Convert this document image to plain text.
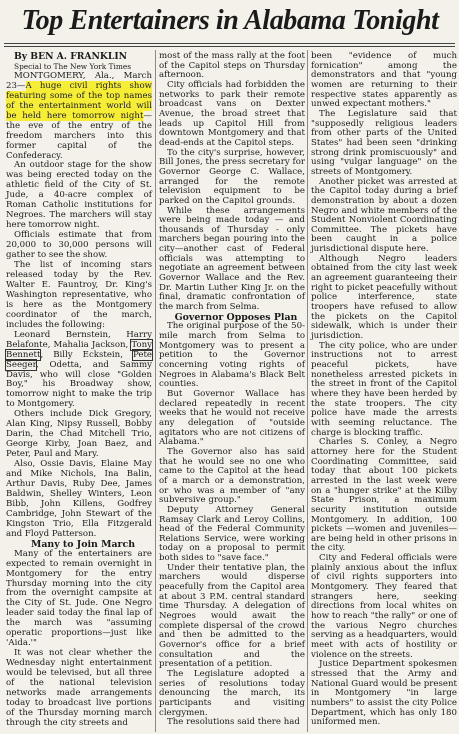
Top Entertainers in Alabama Tonight

By BEN A. FRANKLIN

Special to The New York Times

MONTGOMERY, Ala., March 23—A huge civil rights show featuring some of the top names of the entertainment world will be held here tomorrow night—the eve of the entry of the freedom marchers into this former capital of the Confederacy.

An outdoor stage for the show was being erected today on the athletic field of the City of St. Jude, a 40-acre complex of Roman Catholic institutions for Negroes. The marchers will stay here tomorrow night.

Officials estimate that from 20,000 to 30,000 persons will gather to see the show.

The list of incoming stars released today by the Rev. Walter E. Fauntroy, Dr. King's Washington representative, who is here as the Montgomery coordinator of the march, includes the following:

Leonard Bernstein, Harry Belafonte, Mahalia Jackson, Tony Bennett, Billy Eckstein, Pete Seeger, Odetta, and Sammy Davis, who will close "Golden Boy," his Broadway show, tomorrow night to make the trip to Montgomery.

Others include Dick Gregory, Alan King, Nipsy Russell, Bobby Darin, the Chad Mitchell Trio, George Kirby, Joan Baez, and Peter, Paul and Mary.

Also, Ossie Davis, Elaine May and Mike Nichols, Ina Balin, Arthur Davis, Ruby Dee, James Baldwin, Shelley Winters, Leon Bibb, John Killens, Godfrey Cambridge, John Stewart of the Kingston Trio, Ella Fitzgerald and Floyd Patterson.

Many to Join March

Many of the entertainers are expected to remain overnight in Montgomery for the entry Thursday morning into the city from the overnight campsite at the City of St. Jude. One Negro leader said today the final lap of the march was "assuming operatic proportions—just like 'Aida.'"

It was not clear whether the Wednesday night entertainment would be televised, but all three of the national television networks made arrangements today to broadcast live portions of the Thursday morning march through the city streets and

most of the mass rally at the foot of the Capitol steps on Thursday afternoon.

City officials had forbidden the networks to park their remote broadcast vans on Dexter Avenue, the broad street that leads up Capitol Hill from downtown Montgomery and that dead-ends at the Capitol steps.

To the city's surprise, however, Bill Jones, the press secretary for Governor George C. Wallace, arranged for the remote television equipment to be parked on the Capitol grounds.

While these arrangements were being made today — and thousands of Thursday - only marchers began pouring into the city—another cast of Federal officials was attempting to negotiate an agreement between Governor Wallace and the Rev. Dr. Martin Luther King Jr. on the final, dramatic confrontation of the march from Selma.

Governor Opposes Plan

The original purpose of the 50-mile march from Selma to Montgomery was to present a petition to the Governor concerning voting rights of Negroes in Alabama's Black Belt counties.

But Governor Wallace has declared repeatedly in recent weeks that he would not receive any delegation of "outside agitators who are not citizens of Alabama."

The Governor also has said that he would see no one who came to the Capitol at the head of a march or a demonstration, or who was a member of "any subversive group."

Deputy Attorney General Ramsay Clark and Leroy Collins, head of the Federal Community Relations Service, were working today on a proposal to permit both sides to "save face."

Under their tentative plan, the marchers would disperse peacefully from the Capitol area at about 3 P.M. central standard time Thursday. A delegation of Negroes would await the complete dispersal of the crowd and then be admitted to the Governor's office for a brief consultation and the presentation of a petition.

The Legislature adopted a series of resolutions today denouncing the march, its participants and visiting clergymen.

The resolutions said there had

been "evidence of much fornication" among the demonstrators and that "young women are returning to their respective states apparently as unwed expectant mothers."

The Legislature said that "supposedly religious leaders from other parts of the United States" had been seen "drinking strong drink promiscuously" and using "vulgar language" on the streets of Montgomery.

Another picket was arrested at the Capitol today during a brief demonstration by about a dozen Negro and white members of the Student Nonviolent Coordinating Committee. The pickets have been caught in a police jurisdictional dispute here.

Although Negro leaders obtained from the city last week an agreement guaranteeing their right to picket peacefully without police interference, state troopers have refused to allow the pickets on the Capitol sidewalk, which is under their jurisdiction.

The city police, who are under instructions not to arrest peaceful pickets, have nonetheless arrested pickets in the street in front of the Capitol where they have been herded by the state troopers. The city police have made the arrests with seeming reluctance. The charge is blocking traffic.

Charles S. Conley, a Negro attorney here for the Student Coordinating Committee, said today that about 100 pickets arrested in the last week were on a "hunger strike" at the Kilby State Prison, a maximum security institution outside Montgomery. In addition, 100 pickets —women and juveniles—are being held in other prisons in the city.

City and Federal officials were plainly anxious about the influx of civil rights supporters into Montgomery. They feared that strangers here, seeking directions from local whites on how to reach "the rally" or one of the various Negro churches serving as a headquarters, would meet with acts of hostility or violence on the streets.

Justice Department spokesmen stressed that the Army and National Guard would be present in Montgomery "in large numbers" to assist the city Police Department, which has only 180 uniformed men.
